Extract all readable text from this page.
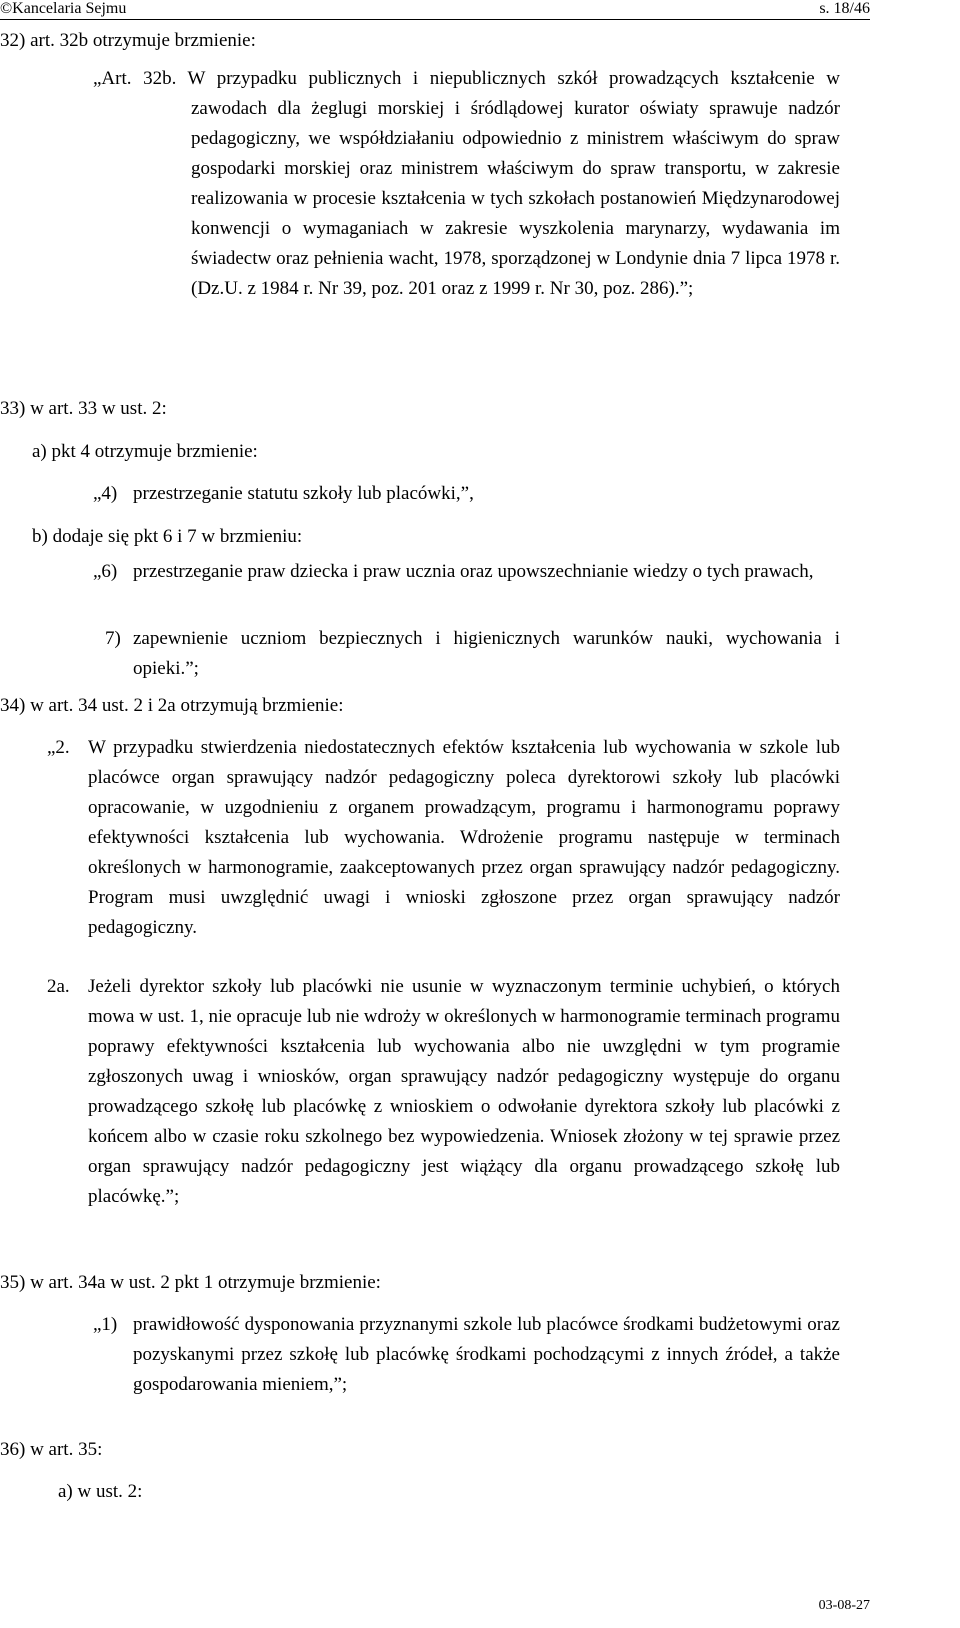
©Kancelaria Sejmu	s. 18/46
32) art. 32b otrzymuje brzmienie:
„Art. 32b. W przypadku publicznych i niepublicznych szkół prowadzących kształcenie w zawodach dla żeglugi morskiej i śródlądowej kurator oświaty sprawuje nadzór pedagogiczny, we współdziałaniu odpowiednio z ministrem właściwym do spraw gospodarki morskiej oraz ministrem właściwym do spraw transportu, w zakresie realizowania w procesie kształcenia w tych szkołach postanowień Międzynarodowej konwencji o wymaganiach w zakresie wyszkolenia marynarzy, wydawania im świadectw oraz pełnienia wacht, 1978, sporządzonej w Londynie dnia 7 lipca 1978 r. (Dz.U. z 1984 r. Nr 39, poz. 201 oraz z 1999 r. Nr 30, poz. 286).”;
33) w art. 33 w ust. 2:
a) pkt 4 otrzymuje brzmienie:
„4) przestrzeganie statutu szkoły lub placówki,”,
b) dodaje się pkt 6 i 7 w brzmieniu:
„6) przestrzeganie praw dziecka i praw ucznia oraz upowszechnianie wiedzy o tych prawach,
7) zapewnienie uczniom bezpiecznych i higienicznych warunków nauki, wychowania i opieki.”;
34) w art. 34 ust. 2 i 2a otrzymują brzmienie:
„2. W przypadku stwierdzenia niedostatecznych efektów kształcenia lub wychowania w szkole lub placówce organ sprawujący nadzór pedagogiczny poleca dyrektorowi szkoły lub placówki opracowanie, w uzgodnieniu z organem prowadzącym, programu i harmonogramu poprawy efektywności kształcenia lub wychowania. Wdrożenie programu następuje w terminach określonych w harmonogramie, zaakceptowanych przez organ sprawujący nadzór pedagogiczny. Program musi uwzględnić uwagi i wnioski zgłoszone przez organ sprawujący nadzór pedagogiczny.
2a. Jeżeli dyrektor szkoły lub placówki nie usunie w wyznaczonym terminie uchybień, o których mowa w ust. 1, nie opracuje lub nie wdroży w określonych w harmonogramie terminach programu poprawy efektywności kształcenia lub wychowania albo nie uwzględni w tym programie zgłoszonych uwag i wniosków, organ sprawujący nadzór pedagogiczny występuje do organu prowadzącego szkołę lub placówkę z wnioskiem o odwołanie dyrektora szkoły lub placówki z końcem albo w czasie roku szkolnego bez wypowiedzenia. Wniosek złożony w tej sprawie przez organ sprawujący nadzór pedagogiczny jest wiążący dla organu prowadzącego szkołę lub placówkę.”;
35) w art. 34a w ust. 2 pkt 1 otrzymuje brzmienie:
„1) prawidłowość dysponowania przyznanymi szkole lub placówce środkami budżetowymi oraz pozyskanymi przez szkołę lub placówkę środkami pochodzącymi z innych źródeł, a także gospodarowania mieniem,”;
36) w art. 35:
a) w ust. 2:
03-08-27
